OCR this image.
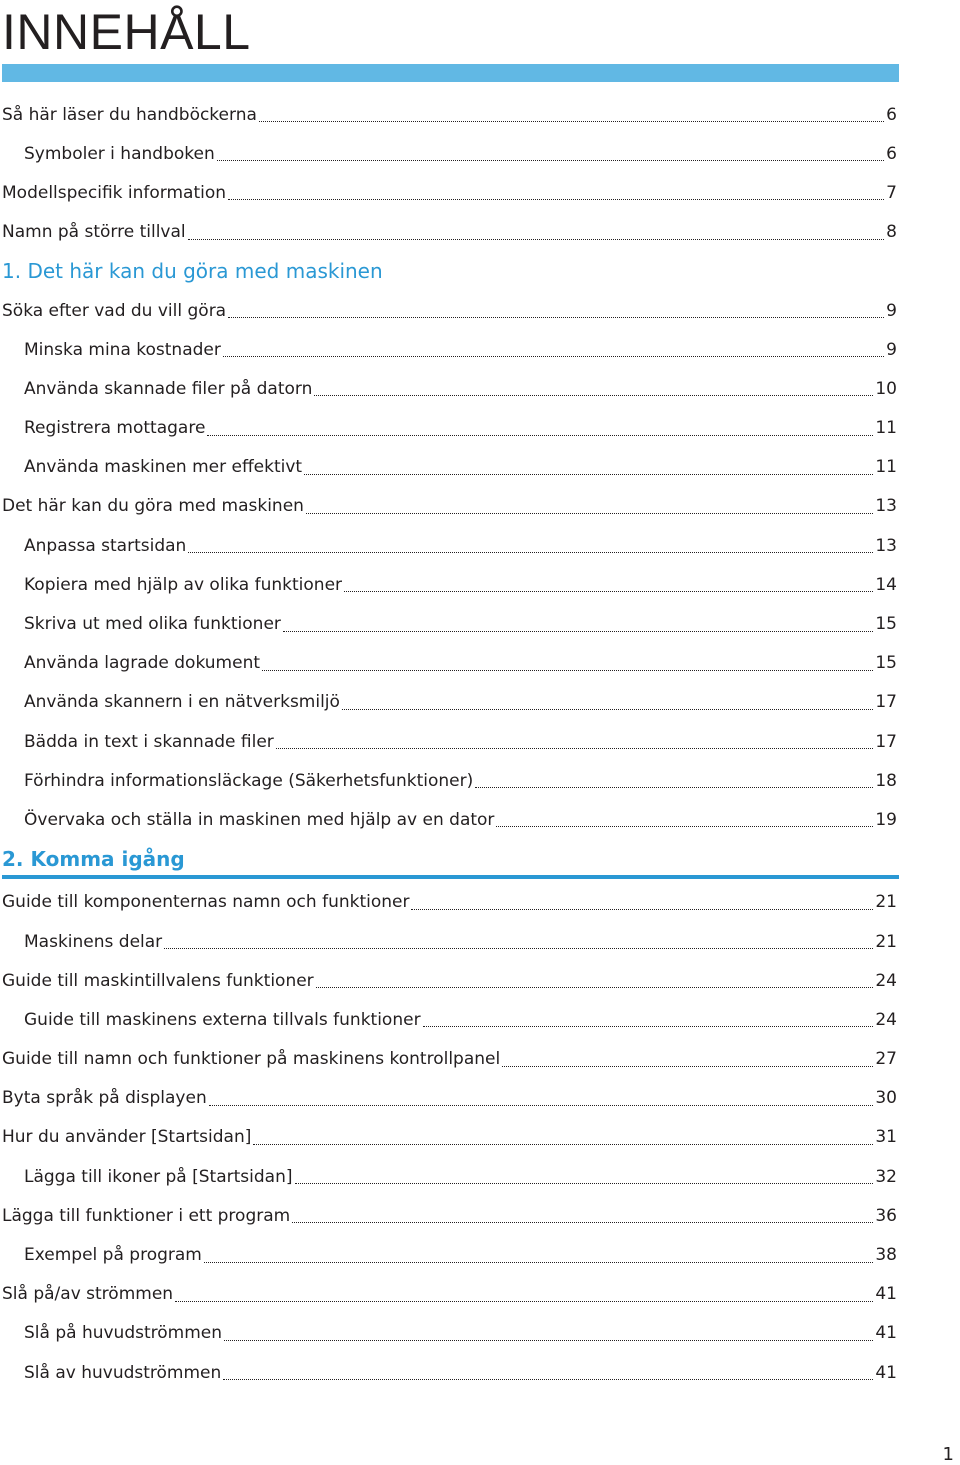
INNEHÅLL
Så här läser du handböckerna	6
Symboler i handboken	6
Modellspecifik information	7
Namn på större tillval	8
1. Det här kan du göra med maskinen
Söka efter vad du vill göra	9
Minska mina kostnader	9
Använda skannade filer på datorn	10
Registrera mottagare	11
Använda maskinen mer effektivt	11
Det här kan du göra med maskinen	13
Anpassa startsidan	13
Kopiera med hjälp av olika funktioner	14
Skriva ut med olika funktioner	15
Använda lagrade dokument	15
Använda skannern i en nätverksmiljö	17
Bädda in text i skannade filer	17
Förhindra informationsläckage (Säkerhetsfunktioner)	18
Övervaka och ställa in maskinen med hjälp av en dator	19
2. Komma igång
Guide till komponenternas namn och funktioner	21
Maskinens delar	21
Guide till maskintillvalens funktioner	24
Guide till maskinens externa tillvals funktioner	24
Guide till namn och funktioner på maskinens kontrollpanel	27
Byta språk på displayen	30
Hur du använder [Startsidan]	31
Lägga till ikoner på [Startsidan]	32
Lägga till funktioner i ett program	36
Exempel på program	38
Slå på/av strömmen	41
Slå på huvudströmmen	41
Slå av huvudströmmen	41
1
